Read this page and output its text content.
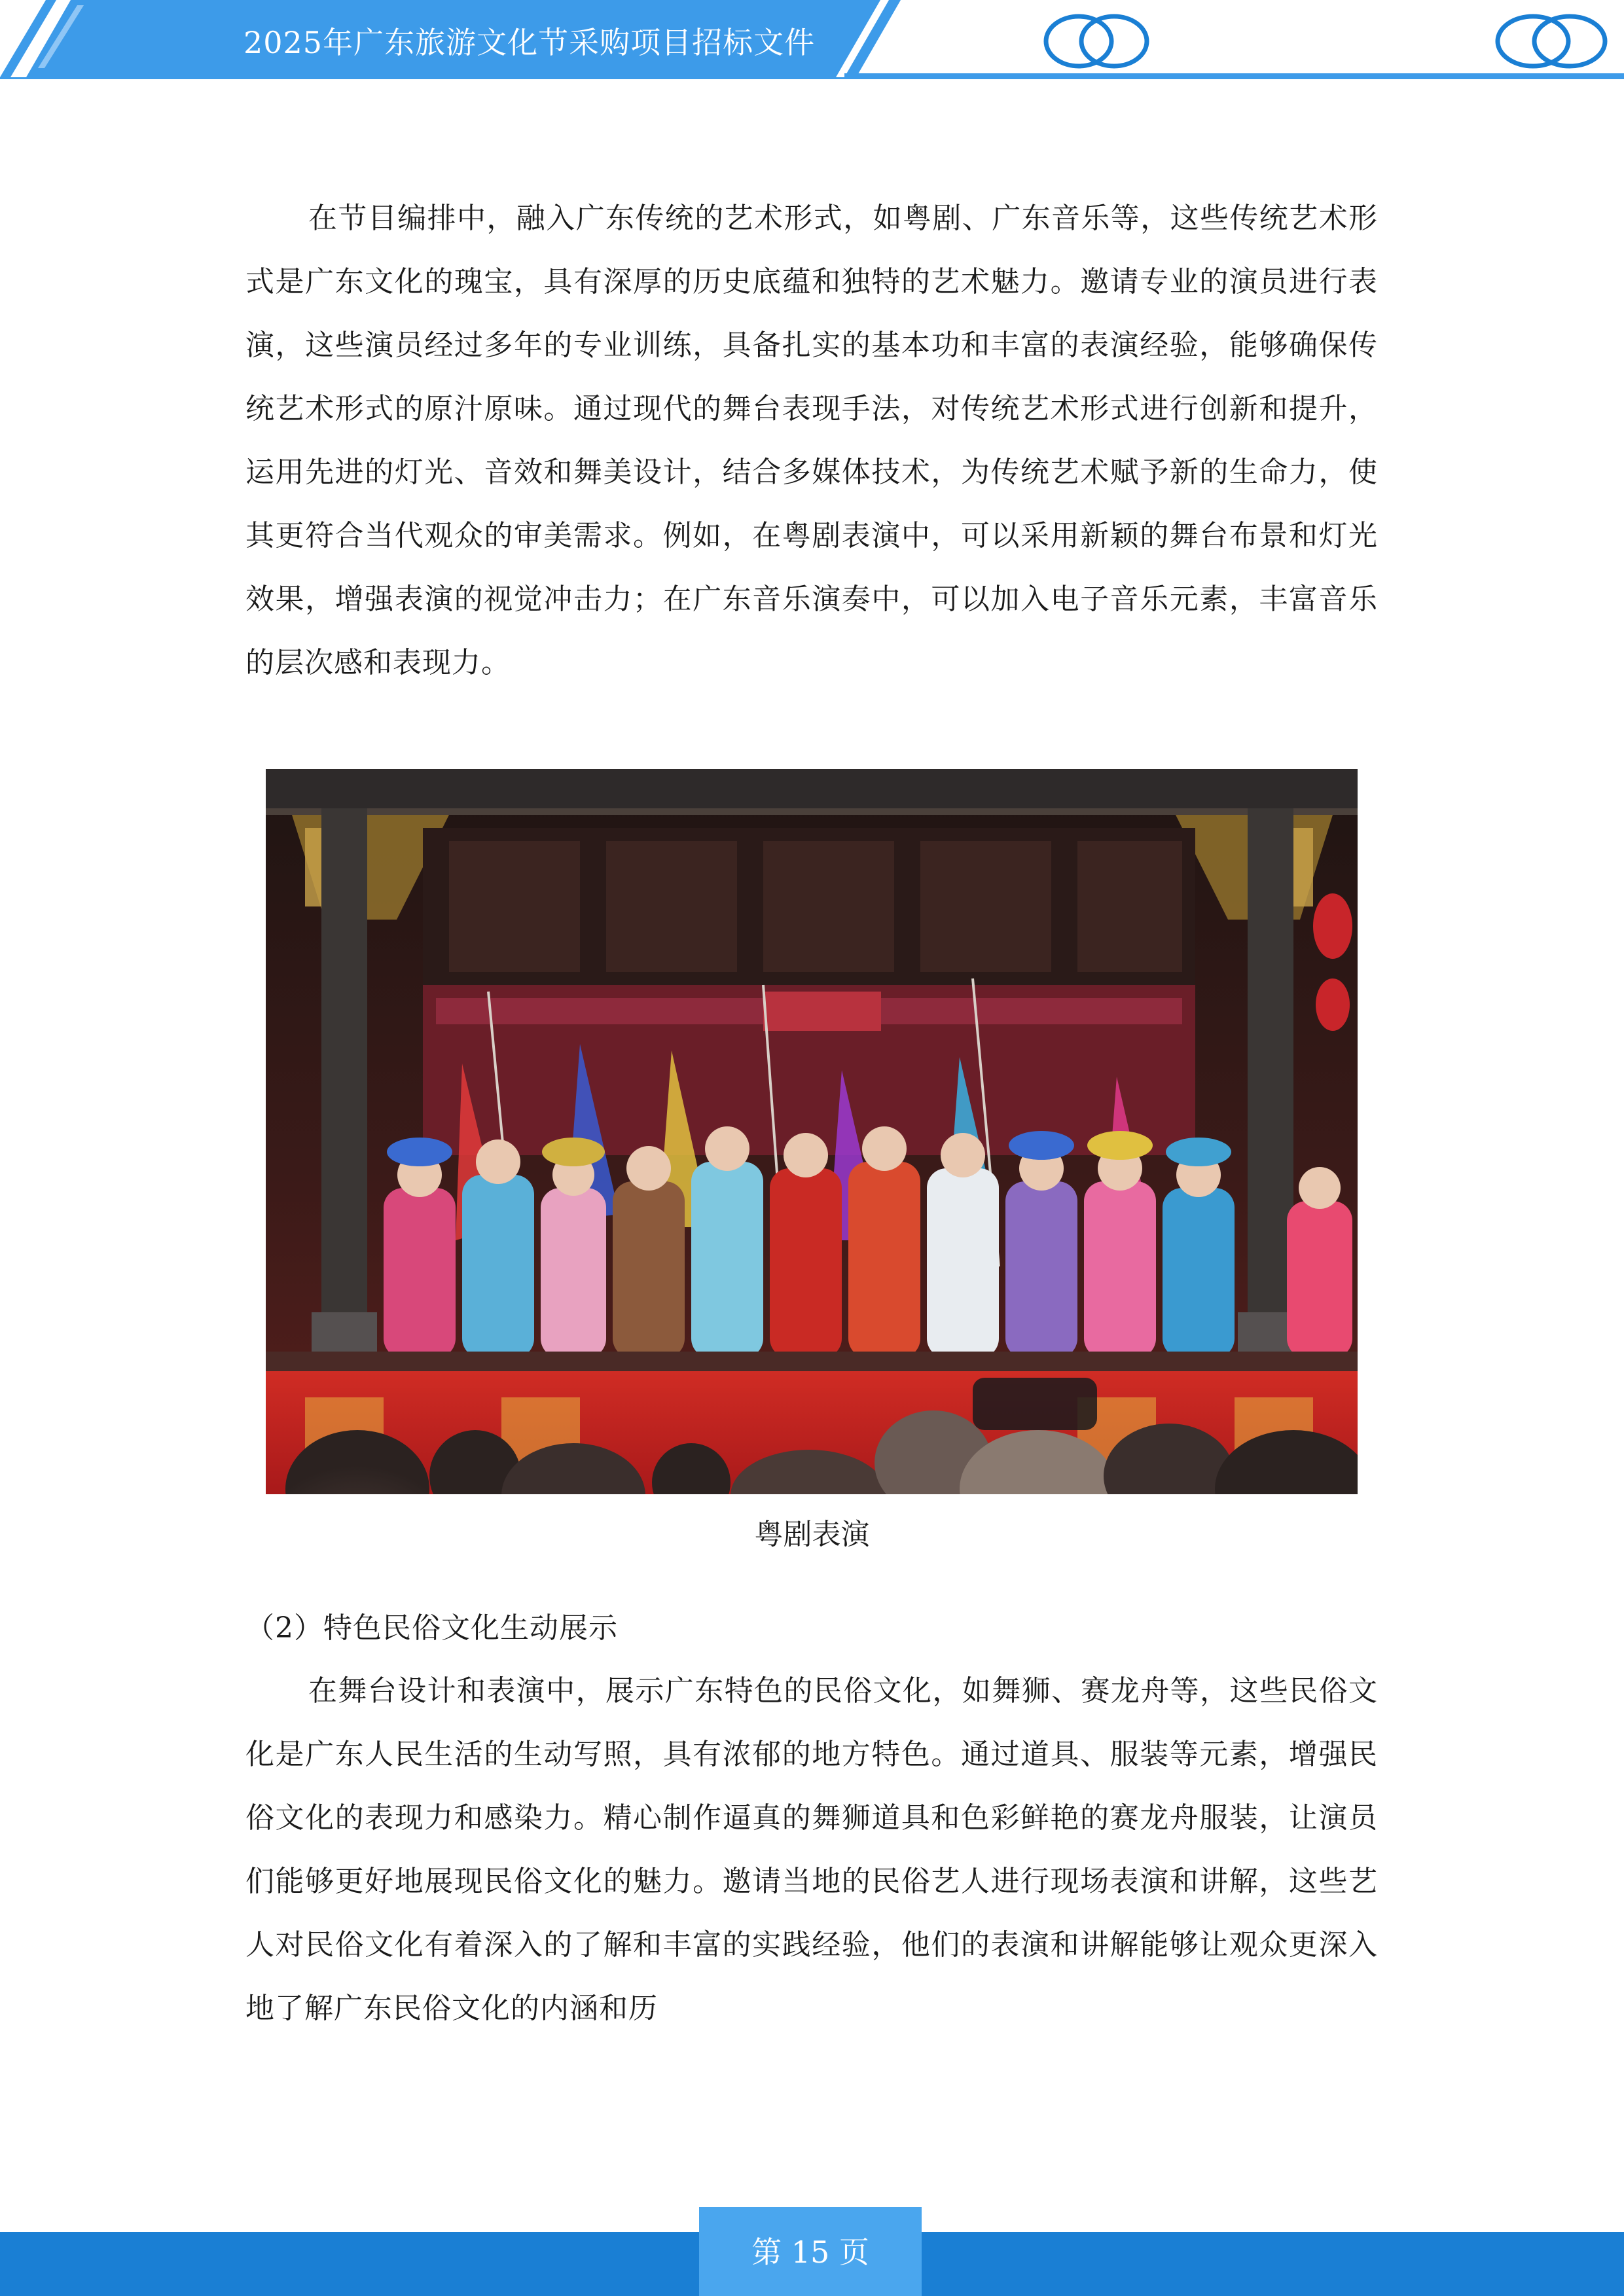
2025年广东旅游文化节采购项目招标文件

在节目编排中，融入广东传统的艺术形式，如粤剧、广东音乐等，这些传统艺术形式是广东文化的瑰宝，具有深厚的历史底蕴和独特的艺术魅力。邀请专业的演员进行表演，这些演员经过多年的专业训练，具备扎实的基本功和丰富的表演经验，能够确保传统艺术形式的原汁原味。通过现代的舞台表现手法，对传统艺术形式进行创新和提升，运用先进的灯光、音效和舞美设计，结合多媒体技术，为传统艺术赋予新的生命力，使其更符合当代观众的审美需求。例如，在粤剧表演中，可以采用新颖的舞台布景和灯光效果，增强表演的视觉冲击力；在广东音乐演奏中，可以加入电子音乐元素，丰富音乐的层次感和表现力。

粤剧表演
（2）特色民俗文化生动展示

在舞台设计和表演中，展示广东特色的民俗文化，如舞狮、赛龙舟等，这些民俗文化是广东人民生活的生动写照，具有浓郁的地方特色。通过道具、服装等元素，增强民俗文化的表现力和感染力。精心制作逼真的舞狮道具和色彩鲜艳的赛龙舟服装，让演员们能够更好地展现民俗文化的魅力。邀请当地的民俗艺人进行现场表演和讲解，这些艺人对民俗文化有着深入的了解和丰富的实践经验，他们的表演和讲解能够让观众更深入地了解广东民俗文化的内涵和历

第 15 页
